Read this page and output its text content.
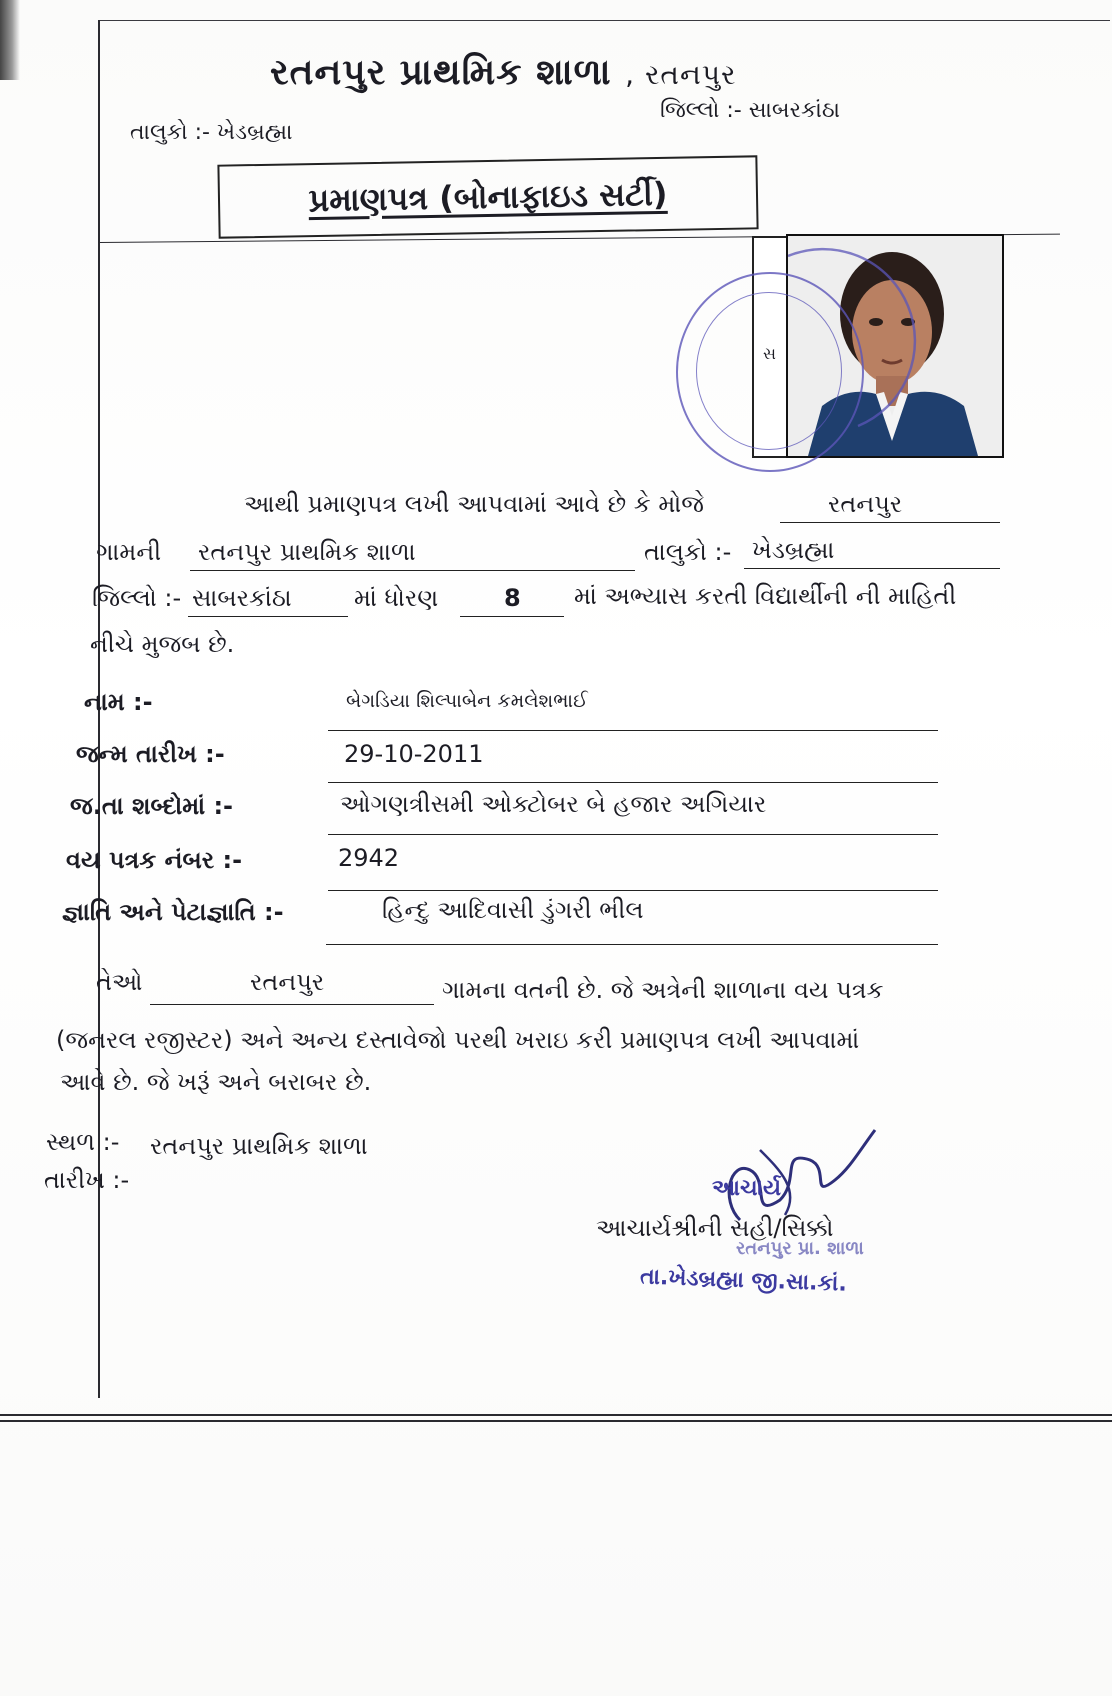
રતનપુર પ્રાથમિક શાળા , રતનપુર
જિલ્લો :- સાબરકાંઠા
તાલુકો :- ખેડબ્રહ્મા
પ્રમાણપત્ર (બોનાફાઇડ સર્ટી)
સ
આથી પ્રમાણપત્ર લખી આપવામાં આવે છે કે મોજે	રતનપુર
ગામની રતનપુર પ્રાથમિક શાળા	તાલુકો :- ખેડબ્રહ્મા
જિલ્લો :- સાબરકાંઠા	માં ધોરણ	8 માં અભ્યાસ કરતી વિદ્યાર્થીની ની માહિતી
નીચે મુજબ છે.
નામ :-	બેગડિયા શિલ્પાબેન કમલેશભાઈ
જન્મ તારીખ :-	29-10-2011
જ.તા શબ્દોમાં :-	ઓગણત્રીસમી ઓક્ટોબર બે હજાર અગિયાર
વય પત્રક નંબર :-	2942
જ્ઞાતિ અને પેટાજ્ઞાતિ :-	હિન્દુ આદિવાસી ડુંગરી ભીલ
તેઓ	રતનપુર	ગામના વતની છે. જે અત્રેની શાળાના વય પત્રક
(જનરલ રજીસ્ટર) અને અન્ય દસ્તાવેજો પરથી ખરાઇ કરી પ્રમાણપત્ર લખી આપવામાં
આવે છે. જે ખરૂં અને બરાબર છે.
સ્થળ :- રતનપુર પ્રાથમિક શાળા
તારીખ :-	આચાર્ય
આચાર્યશ્રીની સહી/સિક્કો
રતનપુર પ્રા. શાળા
તા.ખેડબ્રહ્મા જી.સા.કાં.
